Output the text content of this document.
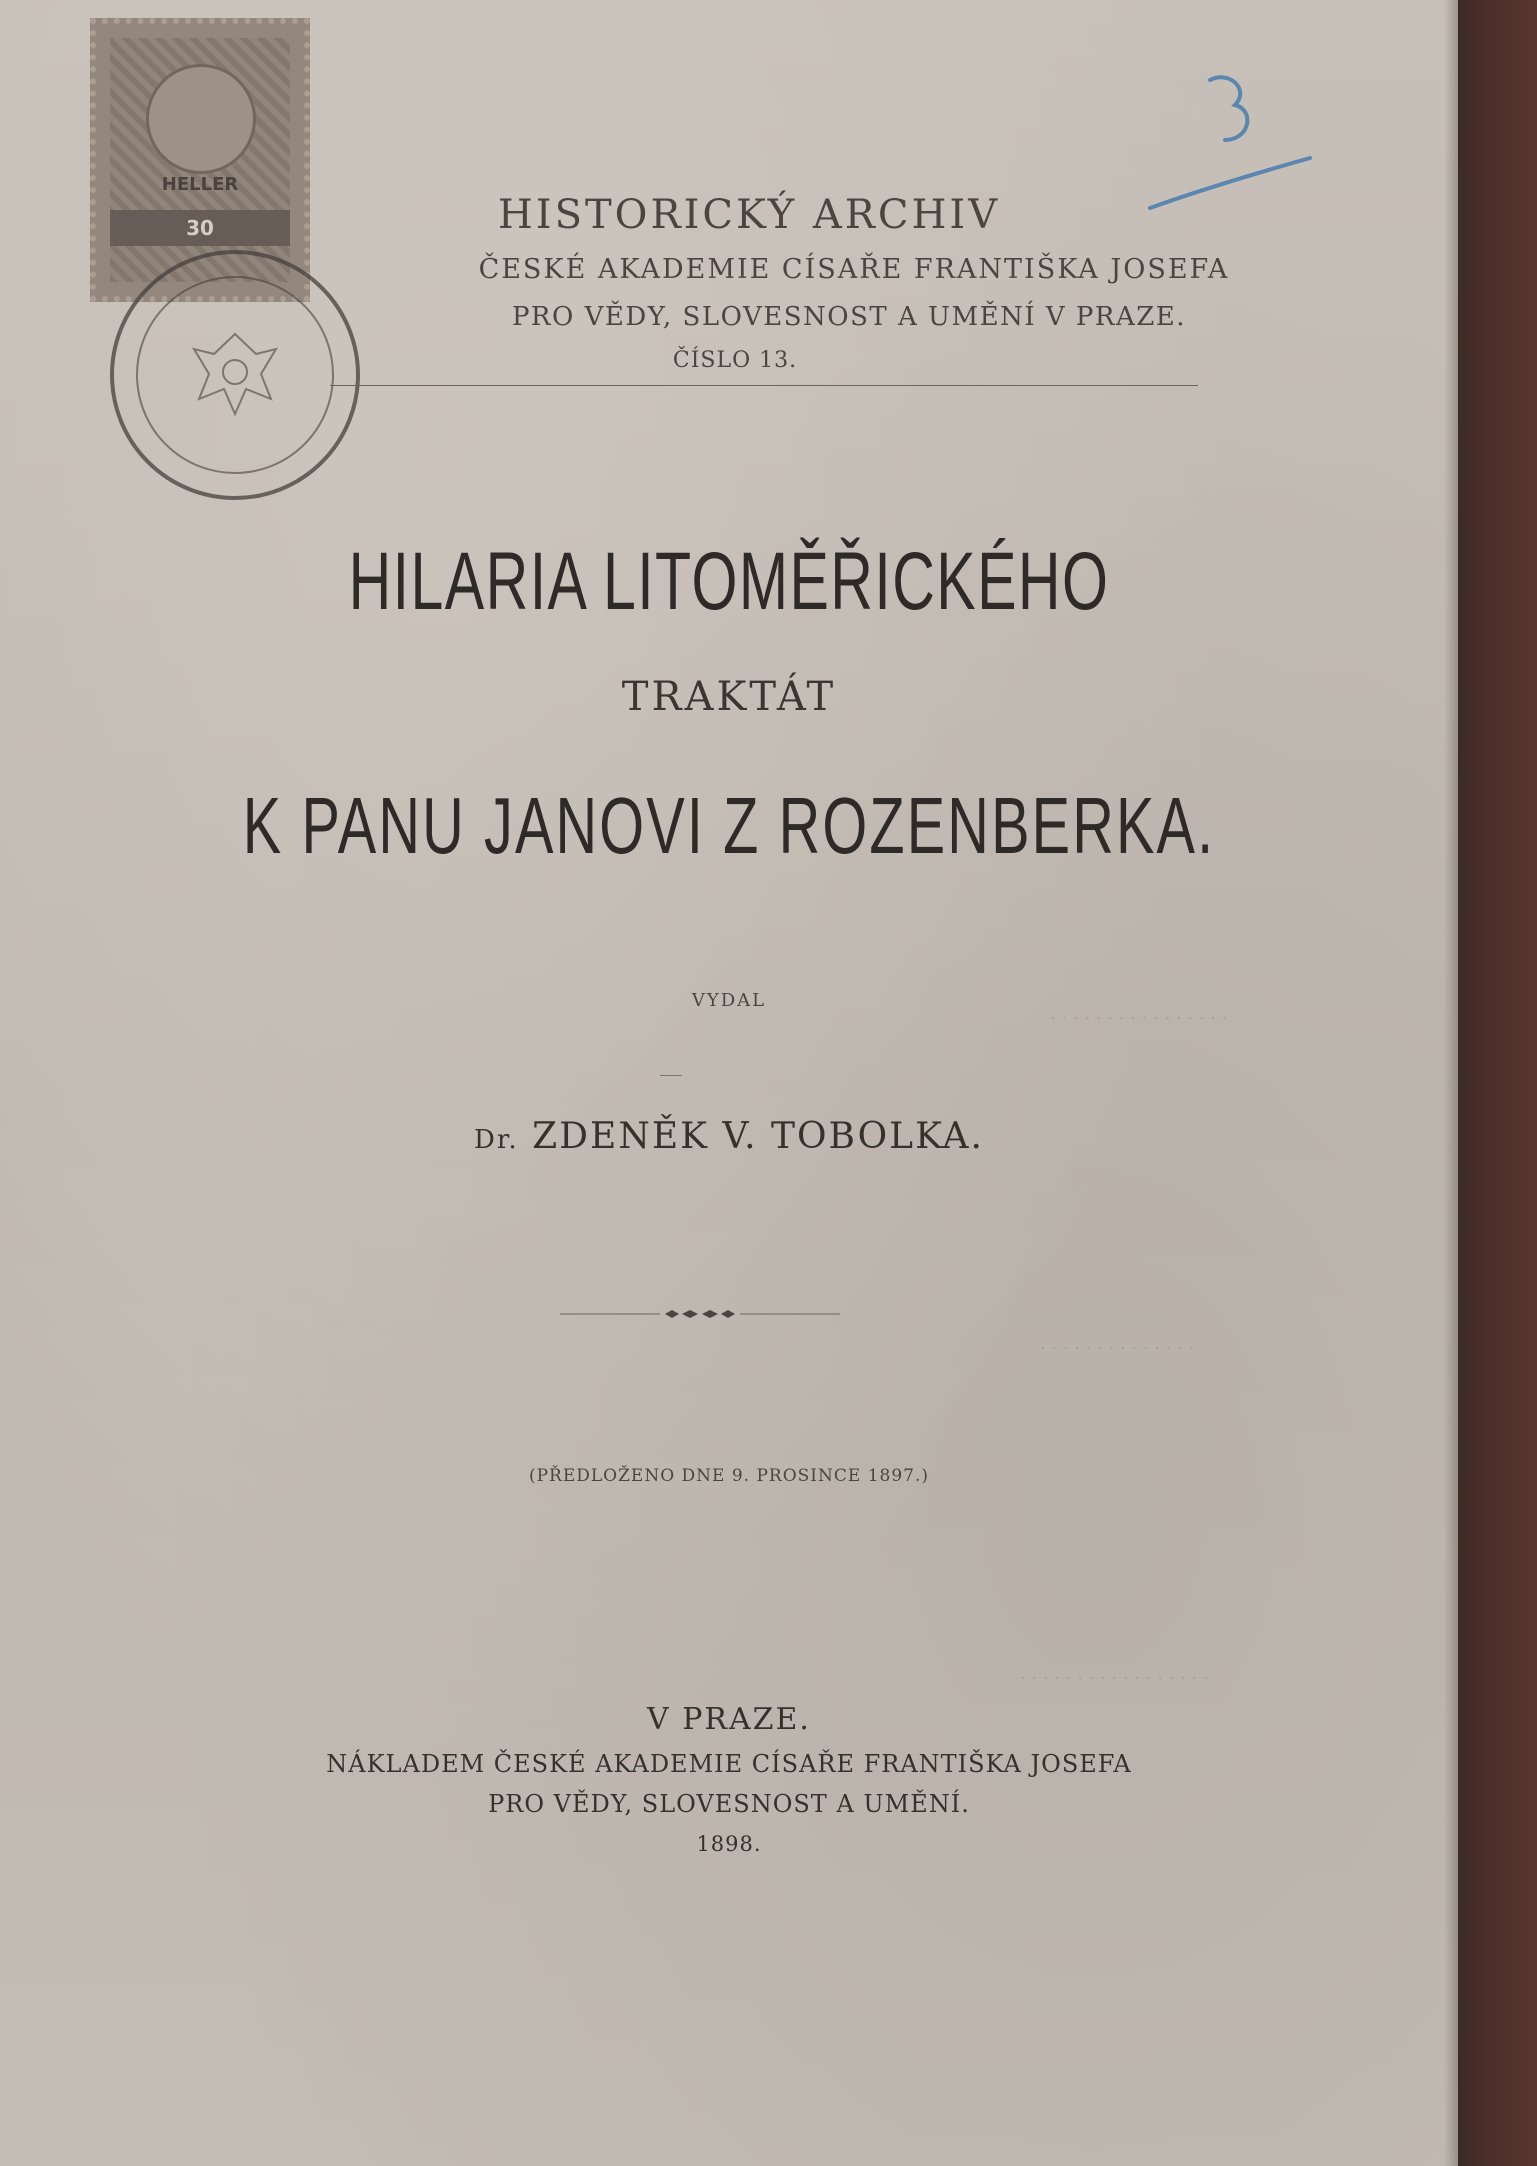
. . . . . . . . . . . . . . . .
. . . . . . . . . . . . . .
. . . . . . . . . . . . . . . . .
HELLER
30	HISTORICKÝ ARCHIV
ČESKÉ AKADEMIE CÍSAŘE FRANTIŠKA JOSEFA
PRO VĚDY, SLOVESNOST A UMĚNÍ V PRAZE.
ČÍSLO 13.
HILARIA LITOMĚŘICKÉHO
TRAKTÁT
K PANU JANOVI Z ROZENBERKA.
VYDAL
Dr. ZDENĚK V. TOBOLKA.
(PŘEDLOŽENO DNE 9. PROSINCE 1897.)
V PRAZE.
NÁKLADEM ČESKÉ AKADEMIE CÍSAŘE FRANTIŠKA JOSEFA
PRO VĚDY, SLOVESNOST A UMĚNÍ.
1898.
